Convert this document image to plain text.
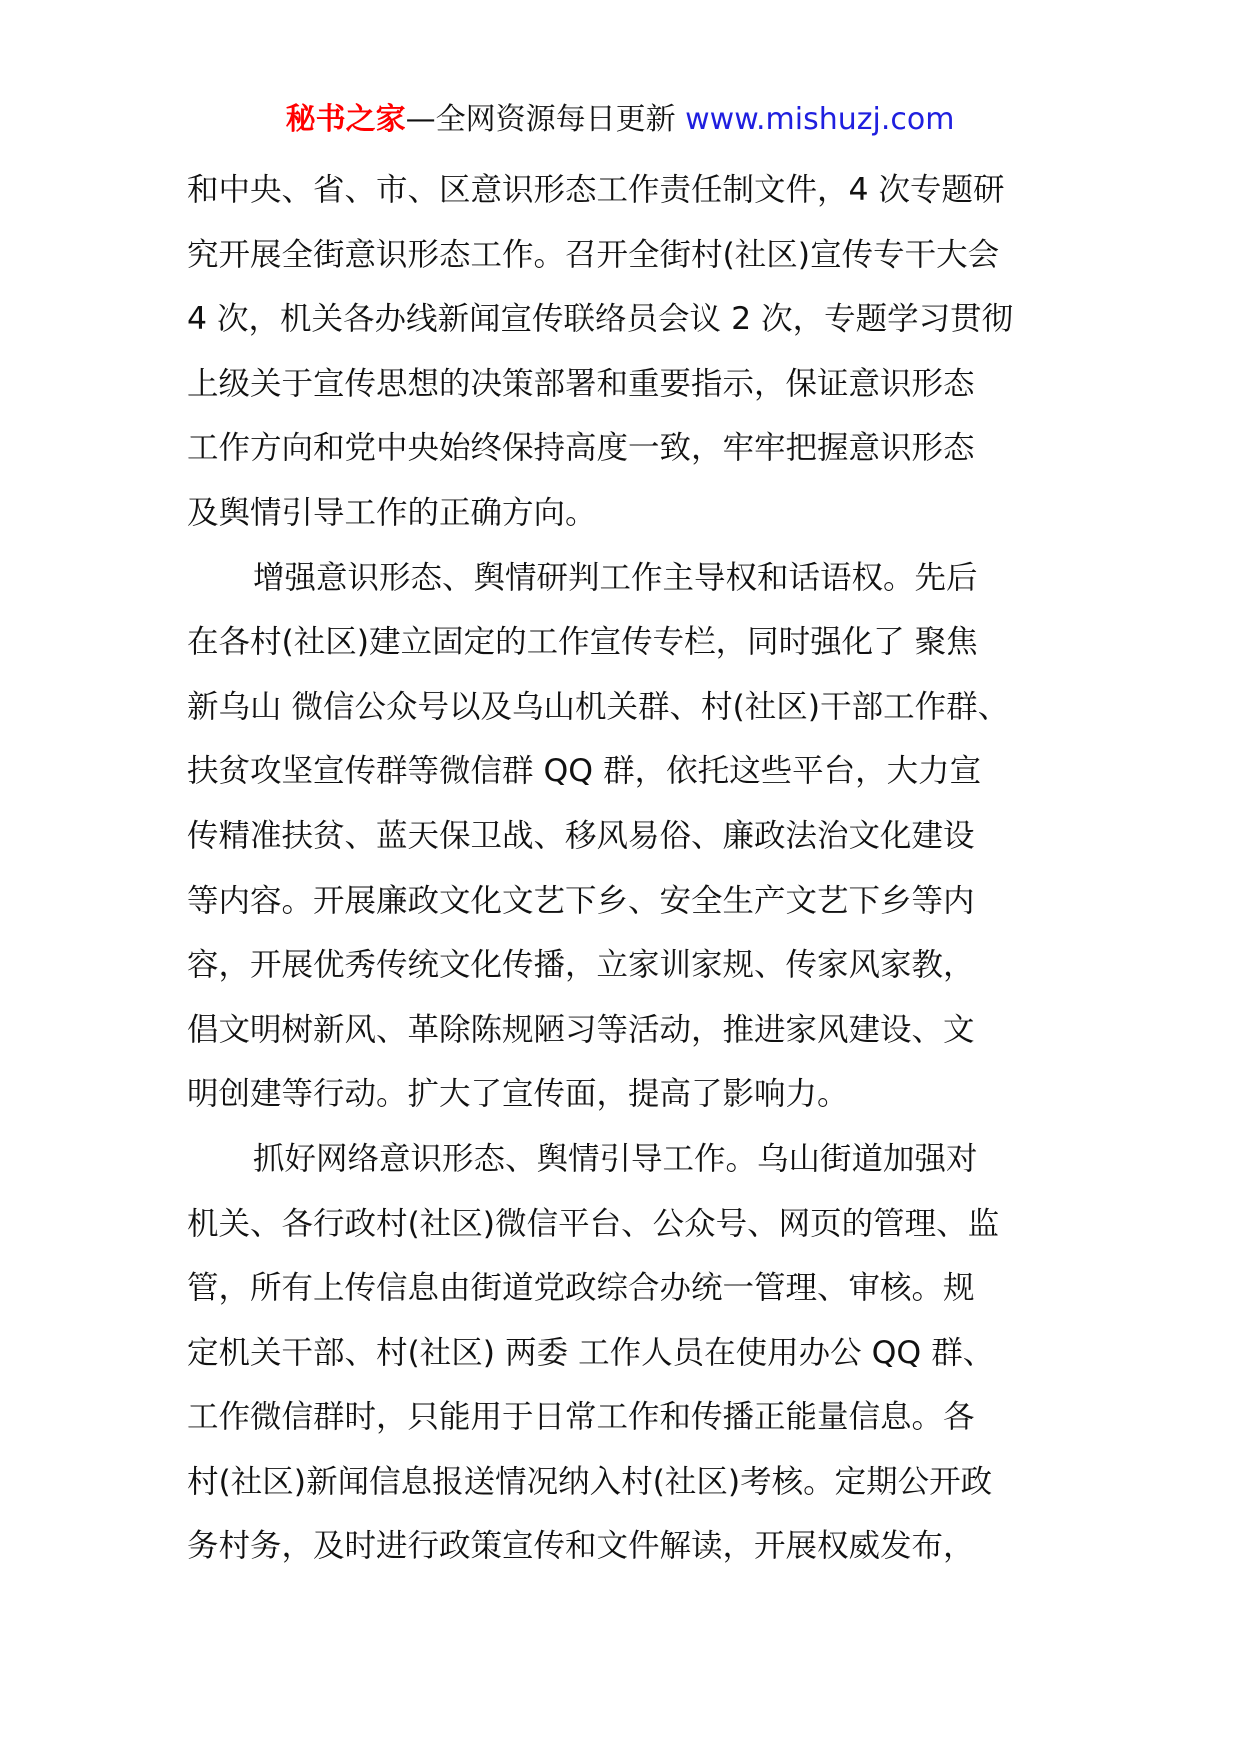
秘书之家—全网资源每日更新 www.mishuzj.com
和中央、省、市、区意识形态工作责任制文件，4 次专题研
究开展全街意识形态工作。召开全街村(社区)宣传专干大会
4 次，机关各办线新闻宣传联络员会议 2 次，专题学习贯彻
上级关于宣传思想的决策部署和重要指示，保证意识形态
工作方向和党中央始终保持高度一致，牢牢把握意识形态
及舆情引导工作的正确方向。
增强意识形态、舆情研判工作主导权和话语权。先后
在各村(社区)建立固定的工作宣传专栏，同时强化了 聚焦
新乌山 微信公众号以及乌山机关群、村(社区)干部工作群、
扶贫攻坚宣传群等微信群 QQ 群，依托这些平台，大力宣
传精准扶贫、蓝天保卫战、移风易俗、廉政法治文化建设
等内容。开展廉政文化文艺下乡、安全生产文艺下乡等内
容，开展优秀传统文化传播，立家训家规、传家风家教，
倡文明树新风、革除陈规陋习等活动，推进家风建设、文
明创建等行动。扩大了宣传面，提高了影响力。
抓好网络意识形态、舆情引导工作。乌山街道加强对
机关、各行政村(社区)微信平台、公众号、网页的管理、监
管，所有上传信息由街道党政综合办统一管理、审核。规
定机关干部、村(社区) 两委 工作人员在使用办公 QQ 群、
工作微信群时，只能用于日常工作和传播正能量信息。各
村(社区)新闻信息报送情况纳入村(社区)考核。定期公开政
务村务，及时进行政策宣传和文件解读，开展权威发布，
